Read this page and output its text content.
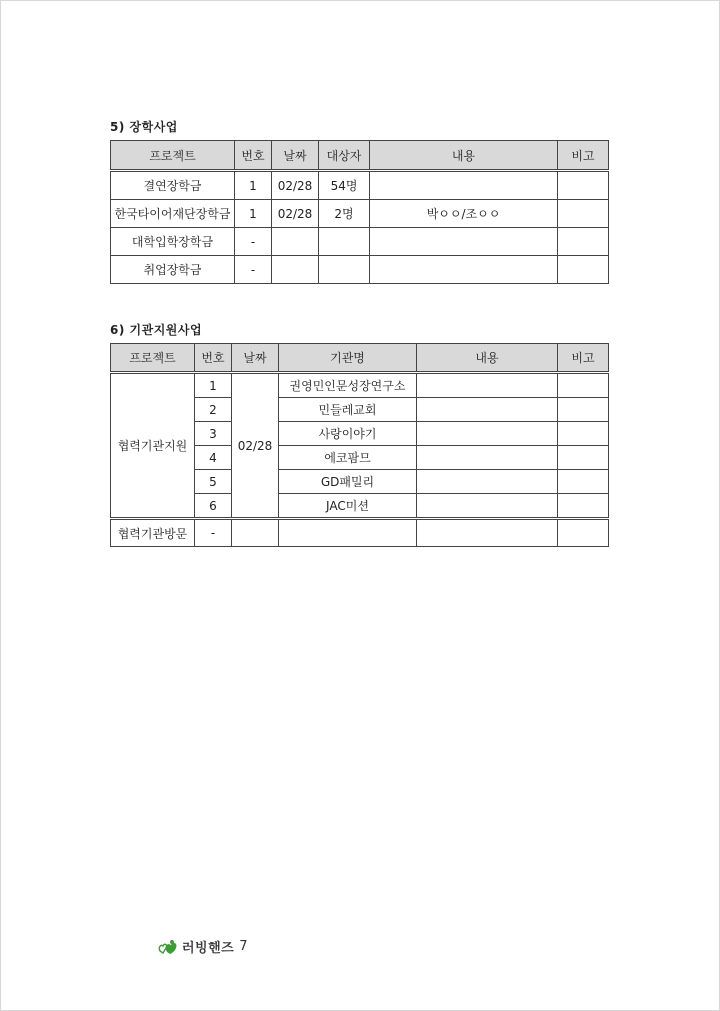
5) 장학사업
프로젝트	번호	날짜	대상자	내용	비고
결연장학금	1	02/28	54명		
한국타이어재단장학금	1	02/28	2명	박ㅇㅇ/조ㅇㅇ	
대학입학장학금	-				
취업장학금	-				
6) 기관지원사업
프로젝트	번호	날짜	기관명	내용	비고
협력기관지원	1	02/28	권영민인문성장연구소		
	2		민들레교회		
	3		사랑이야기		
	4		에코팜므		
	5		GD패밀리		
	6		JAC미션		
협력기관방문	-				
러빙핸즈 7
